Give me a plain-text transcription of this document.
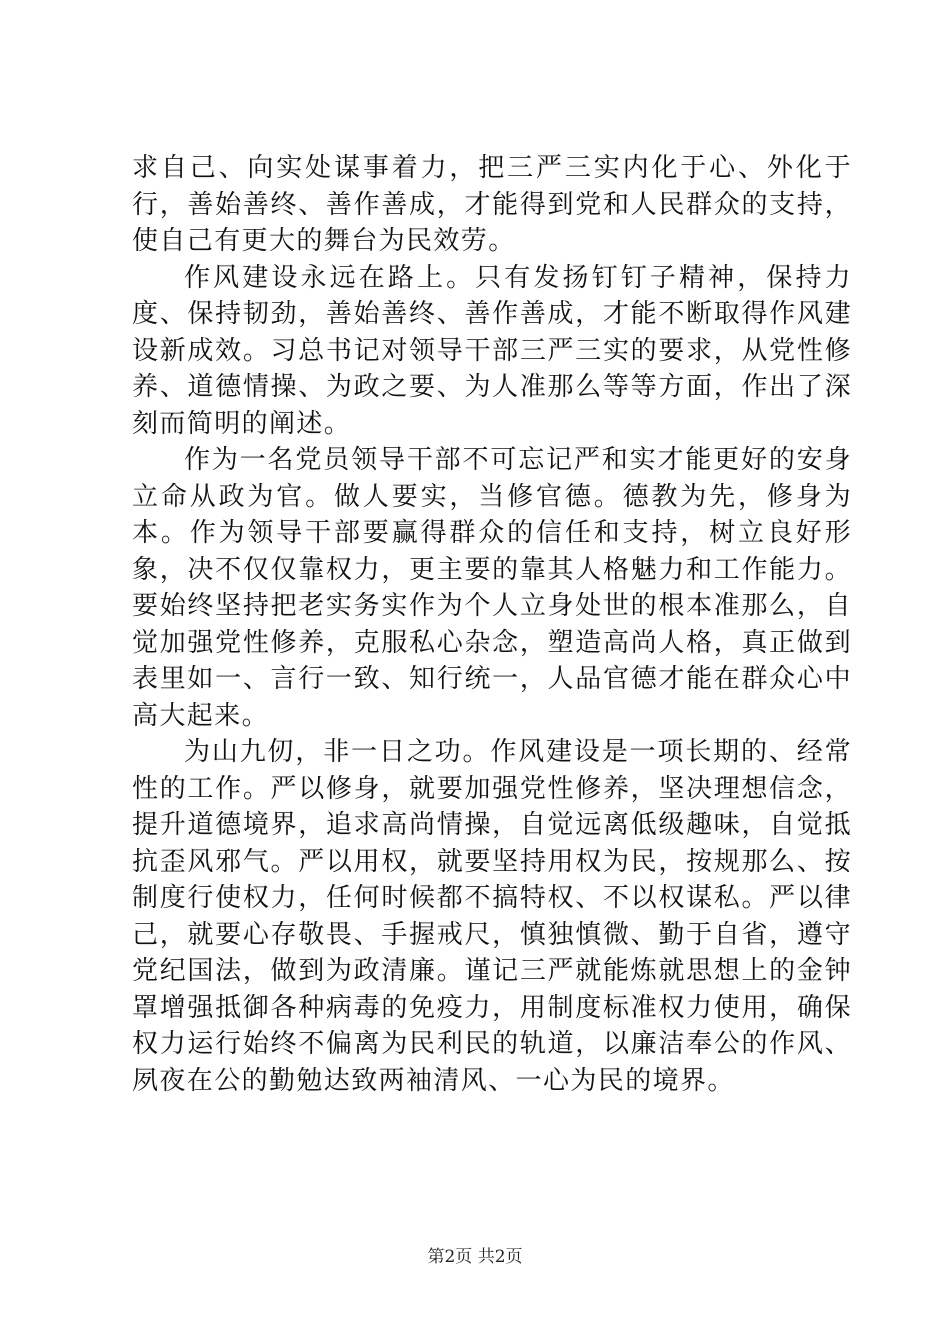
求自己、向实处谋事着力，把三严三实内化于心、外化于行，善始善终、善作善成，才能得到党和人民群众的支持，使自己有更大的舞台为民效劳。

作风建设永远在路上。只有发扬钉钉子精神，保持力度、保持韧劲，善始善终、善作善成，才能不断取得作风建设新成效。习总书记对领导干部三严三实的要求，从党性修养、道德情操、为政之要、为人准那么等等方面，作出了深刻而简明的阐述。

作为一名党员领导干部不可忘记严和实才能更好的安身立命从政为官。做人要实，当修官德。德教为先，修身为本。作为领导干部要赢得群众的信任和支持，树立良好形象，决不仅仅靠权力，更主要的靠其人格魅力和工作能力。要始终坚持把老实务实作为个人立身处世的根本准那么，自觉加强党性修养，克服私心杂念，塑造高尚人格，真正做到表里如一、言行一致、知行统一，人品官德才能在群众心中高大起来。

为山九仞，非一日之功。作风建设是一项长期的、经常性的工作。严以修身，就要加强党性修养，坚决理想信念，提升道德境界，追求高尚情操，自觉远离低级趣味，自觉抵抗歪风邪气。严以用权，就要坚持用权为民，按规那么、按制度行使权力，任何时候都不搞特权、不以权谋私。严以律己，就要心存敬畏、手握戒尺，慎独慎微、勤于自省，遵守党纪国法，做到为政清廉。谨记三严就能炼就思想上的金钟罩增强抵御各种病毒的免疫力，用制度标准权力使用，确保权力运行始终不偏离为民利民的轨道，以廉洁奉公的作风、夙夜在公的勤勉达致两袖清风、一心为民的境界。

第2页 共2页
